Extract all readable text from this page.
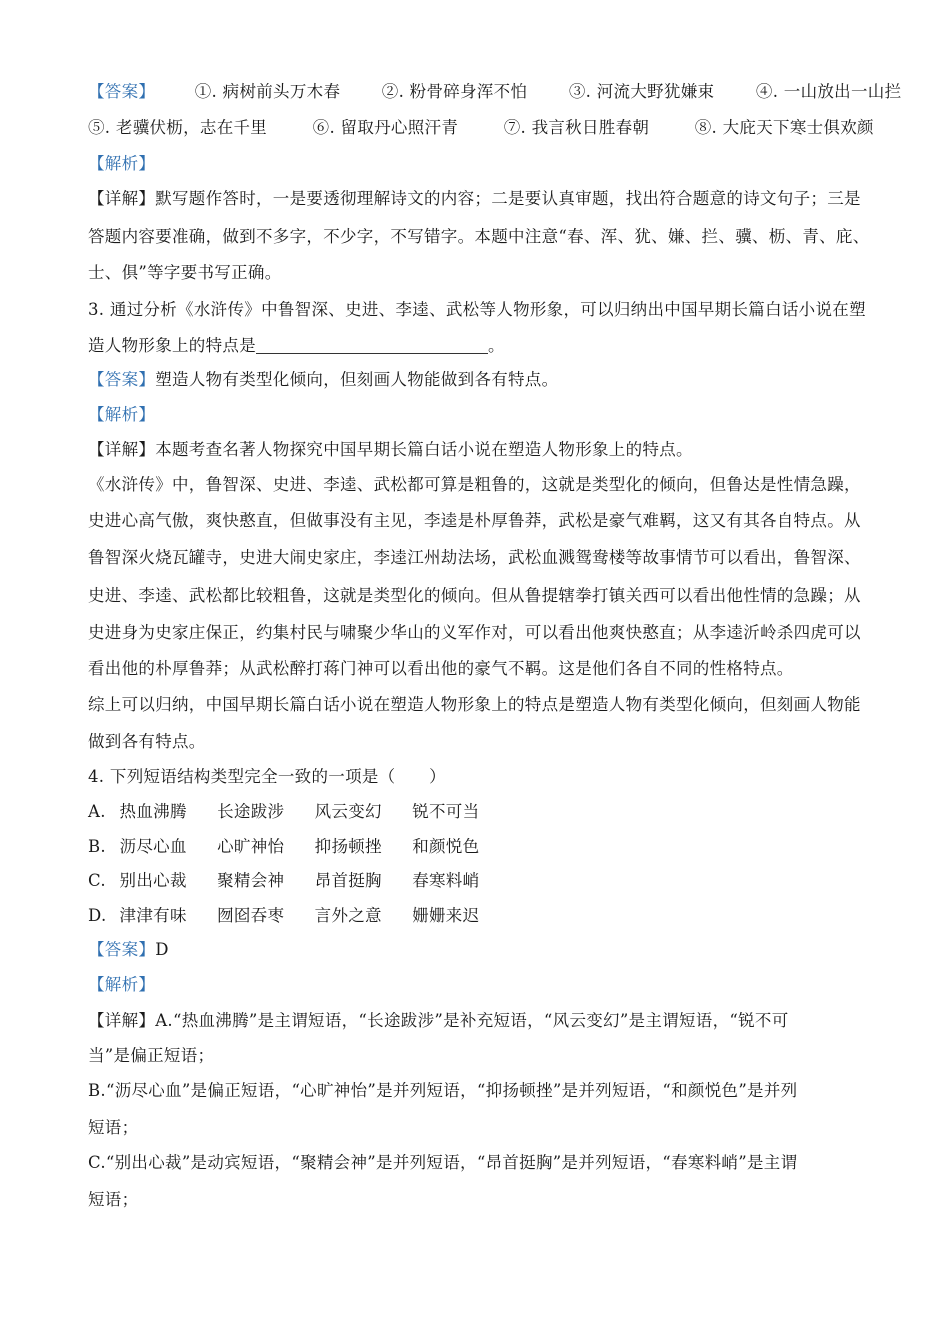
【答案】 ①. 病树前头万木春	②. 粉骨碎身浑不怕	③. 河流大野犹嫌束	④. 一山放出一山拦
⑤. 老骥伏枥，志在千里	⑥. 留取丹心照汗青	⑦. 我言秋日胜春朝	⑧. 大庇天下寒士俱欢颜
【解析】
【详解】默写题作答时，一是要透彻理解诗文的内容；二是要认真审题，找出符合题意的诗文句子；三是
答题内容要准确，做到不多字，不少字，不写错字。本题中注意“春、浑、犹、嫌、拦、骥、枥、青、庇、
士、俱”等字要书写正确。
3. 通过分析《水浒传》中鲁智深、史进、李逵、武松等人物形象，可以归纳出中国早期长篇白话小说在塑
造人物形象上的特点是	。
【答案】塑造人物有类型化倾向，但刻画人物能做到各有特点。
【解析】
【详解】本题考查名著人物探究中国早期长篇白话小说在塑造人物形象上的特点。
《水浒传》中，鲁智深、史进、李逵、武松都可算是粗鲁的，这就是类型化的倾向，但鲁达是性情急躁，
史进心高气傲，爽快憨直，但做事没有主见，李逵是朴厚鲁莽，武松是豪气难羁，这又有其各自特点。从
鲁智深火烧瓦罐寺，史进大闹史家庄，李逵江州劫法场，武松血溅鸳鸯楼等故事情节可以看出，鲁智深、
史进、李逵、武松都比较粗鲁，这就是类型化的倾向。但从鲁提辖拳打镇关西可以看出他性情的急躁；从
史进身为史家庄保正，约集村民与啸聚少华山的义军作对，可以看出他爽快憨直；从李逵沂岭杀四虎可以
看出他的朴厚鲁莽；从武松醉打蒋门神可以看出他的豪气不羁。这是他们各自不同的性格特点。
综上可以归纳，中国早期长篇白话小说在塑造人物形象上的特点是塑造人物有类型化倾向，但刻画人物能
做到各有特点。
4. 下列短语结构类型完全一致的一项是（　　）
A. 热血沸腾 长途跋涉 风云变幻 锐不可当
B. 沥尽心血 心旷神怡 抑扬顿挫 和颜悦色
C. 别出心裁 聚精会神 昂首挺胸 春寒料峭
D. 津津有味 囫囵吞枣 言外之意 姗姗来迟
【答案】D
【解析】
【详解】A.“热血沸腾”是主谓短语，“长途跋涉”是补充短语，“风云变幻”是主谓短语，“锐不可
当”是偏正短语；
B.“沥尽心血”是偏正短语，“心旷神怡”是并列短语，“抑扬顿挫”是并列短语，“和颜悦色”是并列
短语；
C.“别出心裁”是动宾短语，“聚精会神”是并列短语，“昂首挺胸”是并列短语，“春寒料峭”是主谓
短语；
